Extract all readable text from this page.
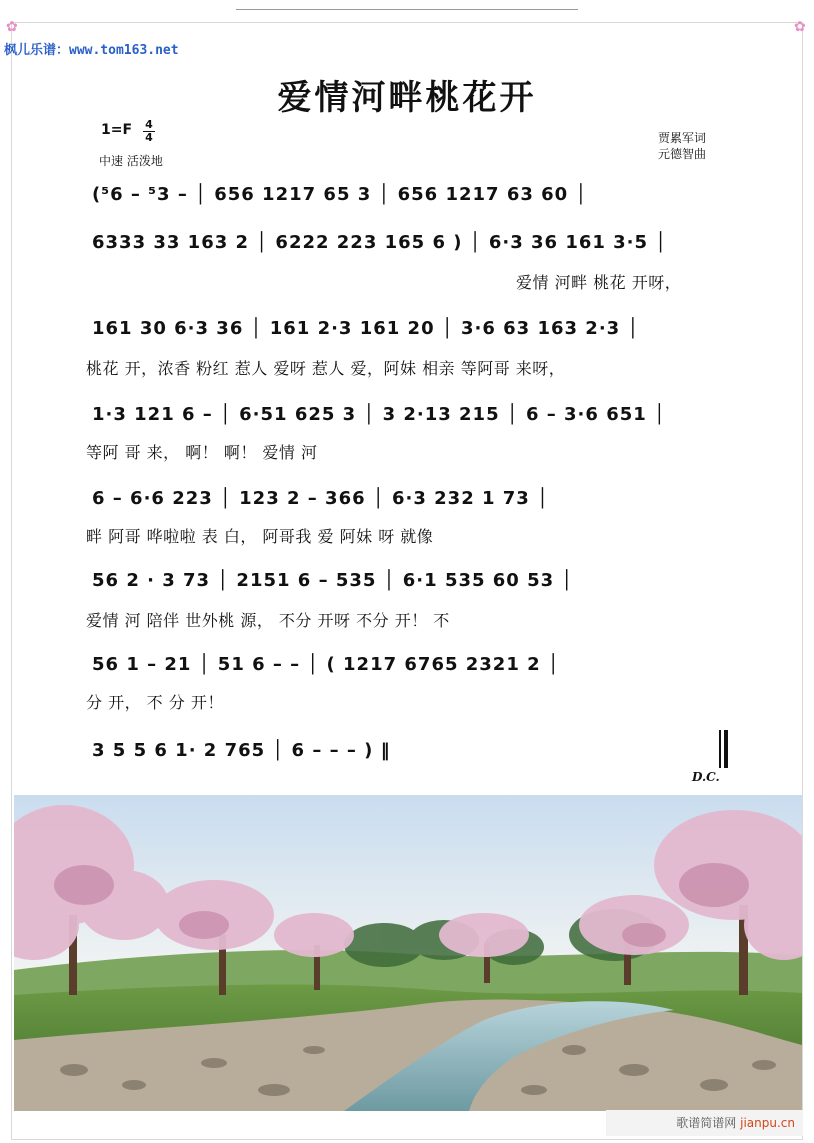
✿	✿
枫儿乐谱：www.tom163.net
爱情河畔桃花开
1=F 4
4
中速 活泼地
贾累军词
元德智曲
(⁵6 – ⁵3 – │ 656 1217 65 3 │ 656 1217 63 60 │
6333 33 163 2 │ 6222 223 165 6 ) │ 6·3 36 161 3·5 │
爱情 河畔 桃花 开呀，
161 30 6·3 36 │ 161 2·3 161 20 │ 3·6 63 163 2·3 │
桃花 开，浓香 粉红 惹人 爱呀 惹人 爱，阿妹 相亲 等阿哥 来呀，
1·3 121 6 – │ 6·51 625 3 │ 3 2·13 215 │ 6 – 3·6 651 │
等阿 哥 来， 啊！ 啊！ 爱情 河
6 – 6·6 223 │ 123 2 – 366 │ 6·3 232 1 73 │
畔 阿哥 哗啦啦 表 白， 阿哥我 爱 阿妹 呀 就像
56 2 · 3 73 │ 2151 6 – 535 │ 6·1 535 60 53 │
爱情 河 陪伴 世外桃 源， 不分 开呀 不分 开！ 不
56 1 – 21 │ 51 6 – – │ ( 1217 6765 2321 2 │
分 开， 不 分 开！
3 5 5 6 1· 2 765 │ 6 – – – ) ‖
D.C.
歌谱简谱网 jianpu.cn
